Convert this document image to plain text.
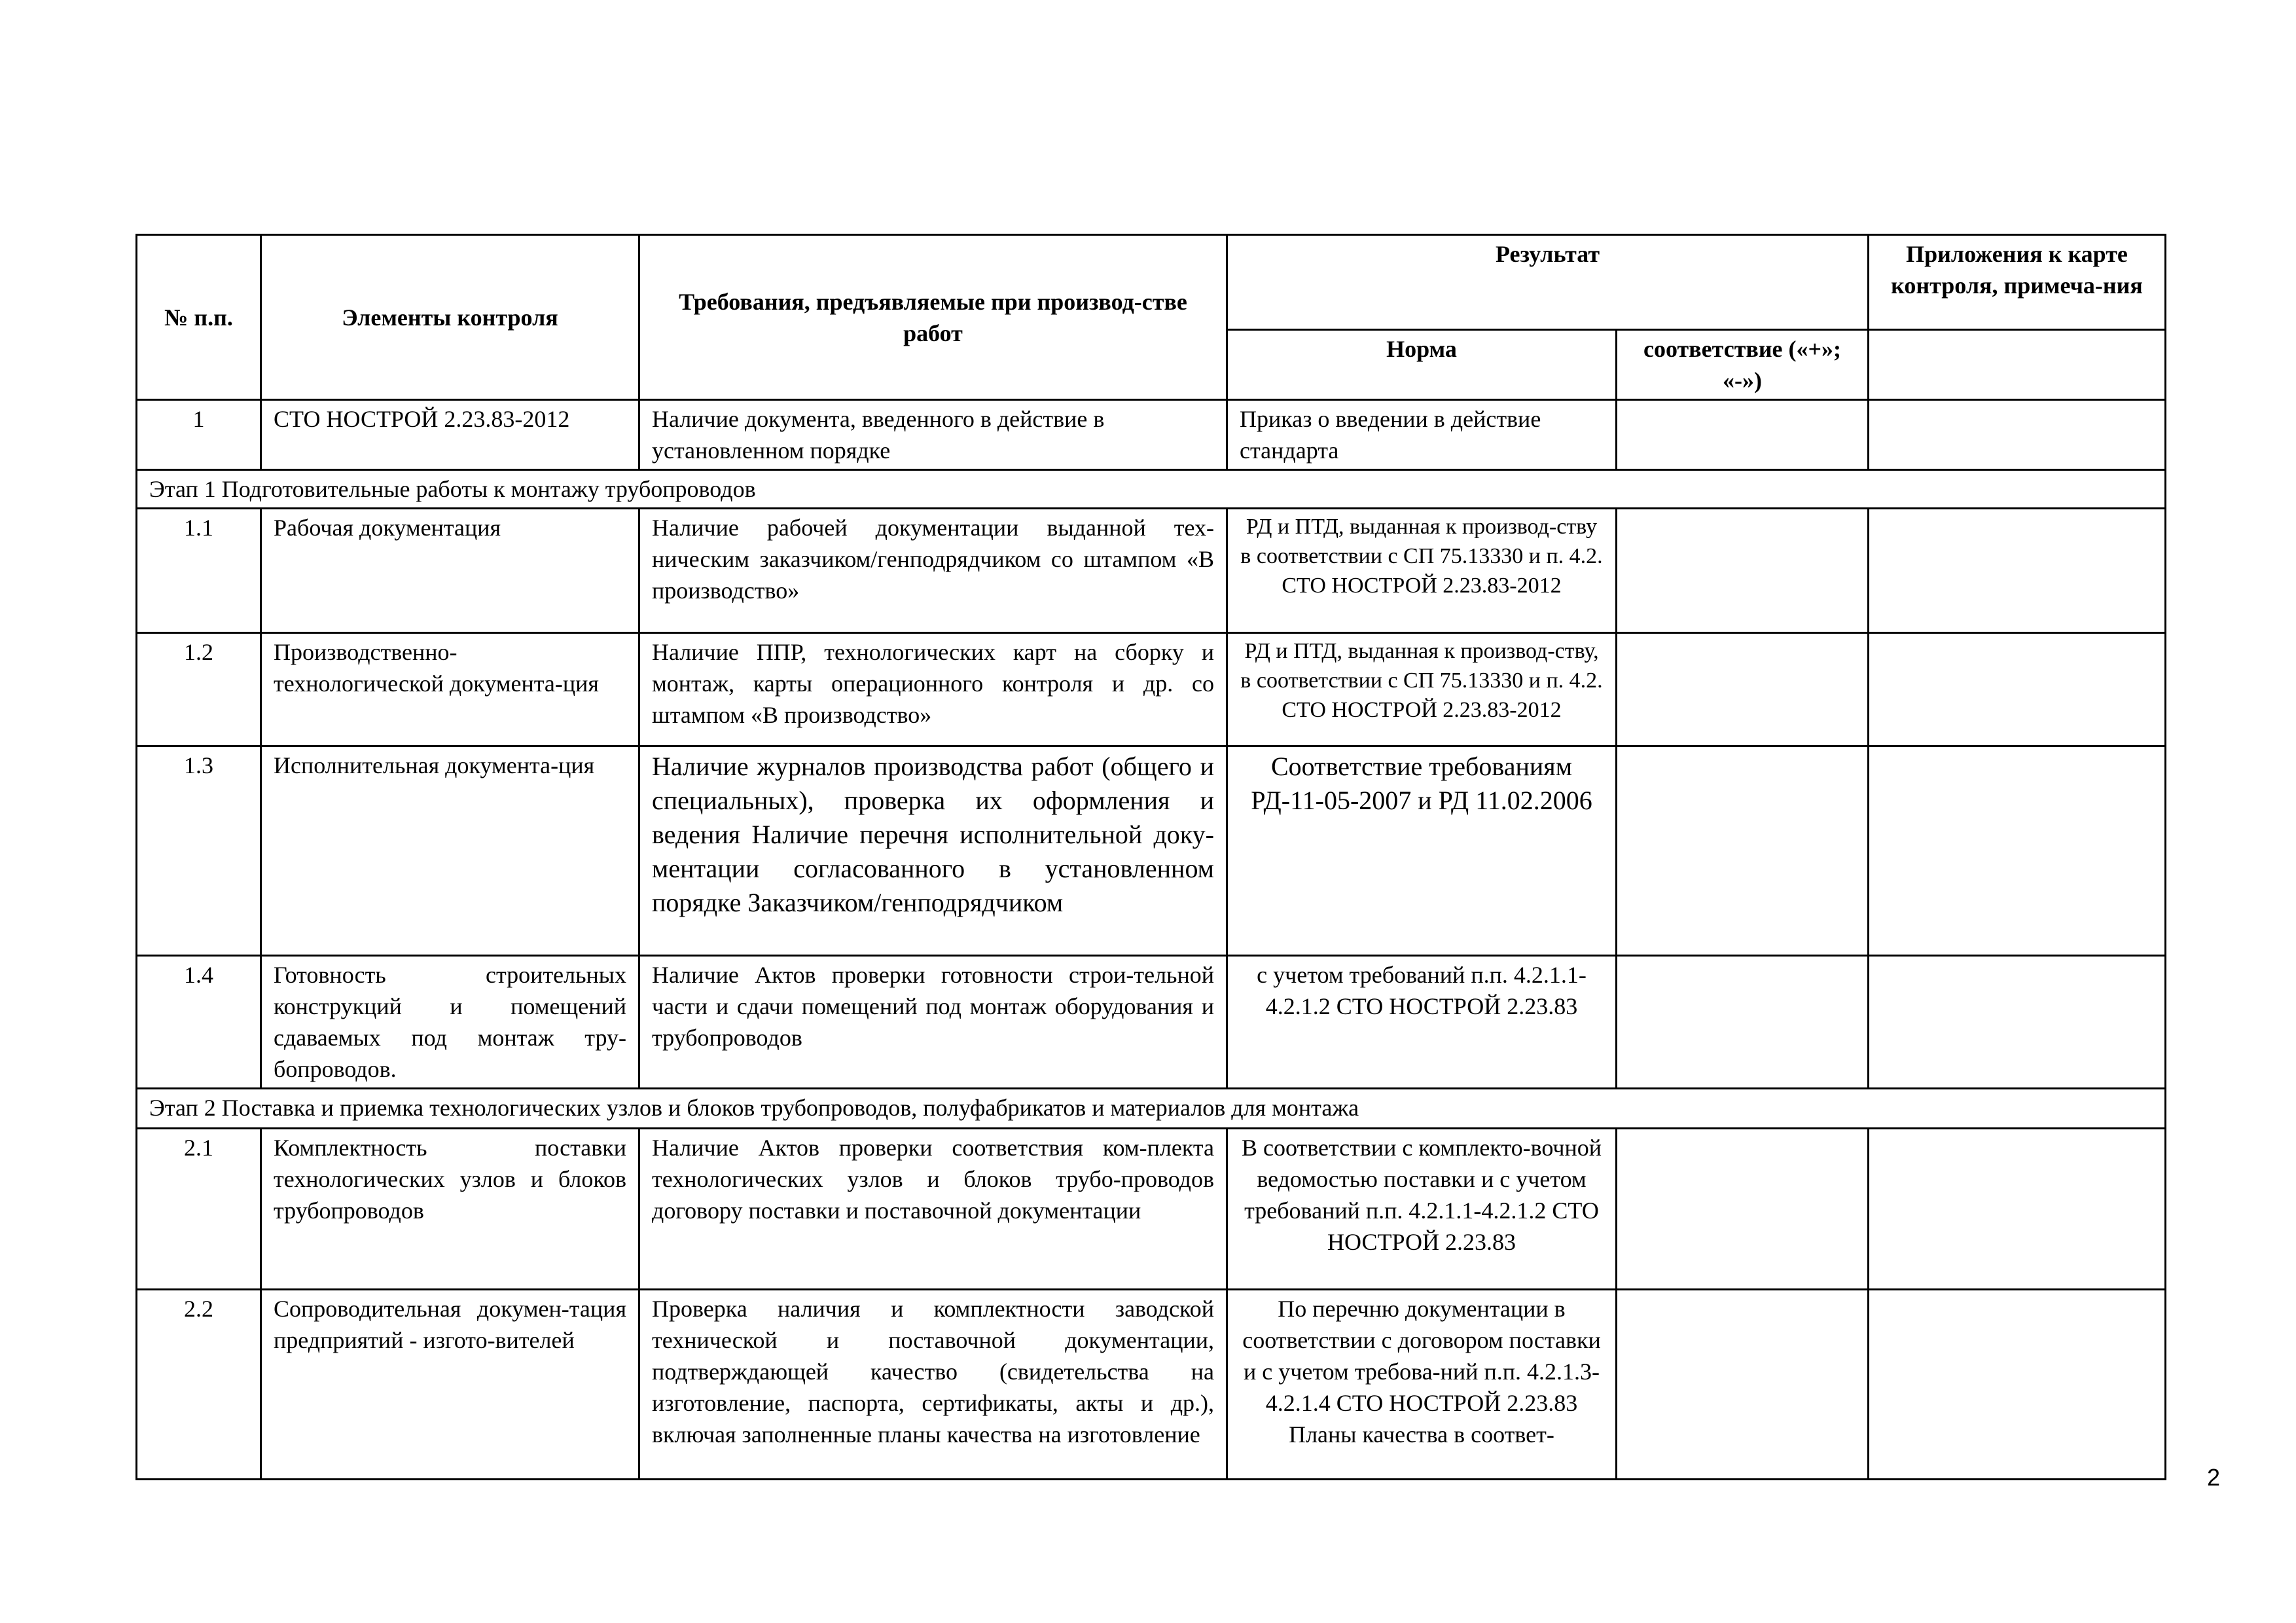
№ п.п.	Элементы контроля	Требования, предъявляемые при производ-стве работ	Результат		Приложения к карте контроля, примеча-ния
			Норма	соответствие («+»; «-»)	
1	СТО НОСТРОЙ 2.23.83-2012	Наличие документа, введенного в действие в установленном порядке	Приказ о введении в действие стандарта		
Этап 1 Подготовительные работы к монтажу трубопроводов					
1.1	Рабочая документация	Наличие рабочей документации выданной тех-ническим заказчиком/генподрядчиком со штампом «В производство»	РД и ПТД, выданная к производ-ству в соответствии с СП 75.13330 и п. 4.2. СТО НОСТРОЙ 2.23.83-2012		
1.2	Производственно-технологической документа-ция	Наличие ППР, технологических карт на сборку и монтаж, карты операционного контроля и др. со штампом «В производство»	РД и ПТД, выданная к производ-ству, в соответствии с СП 75.13330 и п. 4.2. СТО НОСТРОЙ 2.23.83-2012		
1.3	Исполнительная документа-ция	Наличие журналов производства работ (общего и специальных), проверка их оформления и ведения Наличие перечня исполнительной доку-ментации согласованного в установленном порядке Заказчиком/генподрядчиком	Соответствие требованиям РД-11-05-2007 и РД 11.02.2006		
1.4	Готовность строительных конструкций и помещений сдаваемых под монтаж тру-бопроводов.	Наличие Актов проверки готовности строи-тельной части и сдачи помещений под монтаж оборудования и трубопроводов	с учетом требований п.п. 4.2.1.1-4.2.1.2 СТО НОСТРОЙ 2.23.83		
Этап 2 Поставка и приемка технологических узлов и блоков трубопроводов, полуфабрикатов и материалов для монтажа					
2.1	Комплектность поставки технологических узлов и блоков трубопроводов	Наличие Актов проверки соответствия ком-плекта технологических узлов и блоков трубо-проводов договору поставки и поставочной документации	В соответствии с комплекто-вочной ведомостью поставки и с учетом требований п.п. 4.2.1.1-4.2.1.2 СТО НОСТРОЙ 2.23.83		
2.2	Сопроводительная докумен-тация предприятий - изгото-вителей	Проверка наличия и комплектности заводской технической и поставочной документации, подтверждающей качество (свидетельства на изготовление, паспорта, сертификаты, акты и др.), включая заполненные планы качества на изготовление	По перечню документации в соответствии с договором поставки и с учетом требова-ний п.п. 4.2.1.3-4.2.1.4 СТО НОСТРОЙ 2.23.83 Планы качества в соответ-		
2
